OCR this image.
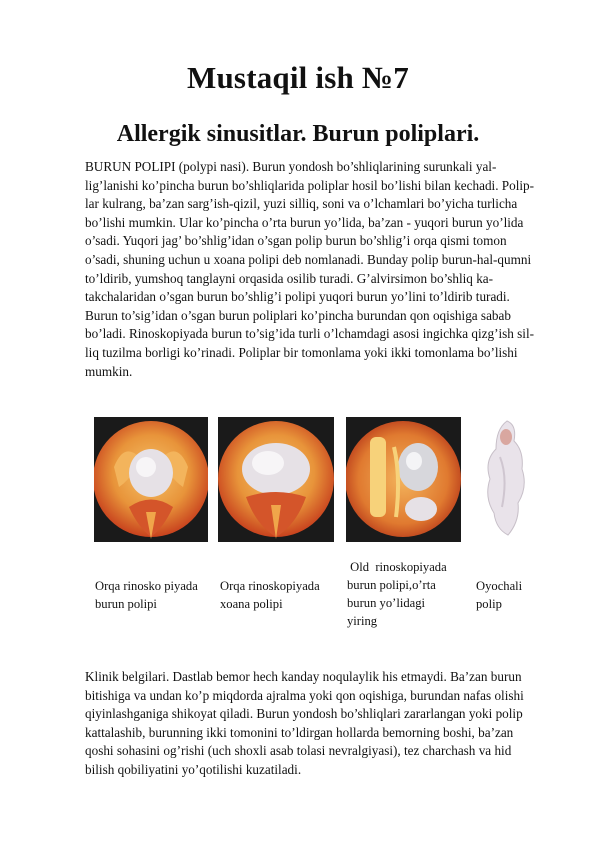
Mustaqil ish №7
Allergik sinusitlar. Burun poliplari.
BURUN POLIPI (polypi nasi). Burun yondosh bo’shliqlarining surunkali yal-lig’lanishi ko’pincha burun bo’shliqlarida poliplar hosil bo’lishi bilan kechadi. Polip-lar kulrang, ba’zan sarg’ish-qizil, yuzi silliq, soni va o’lchamlari bo’yicha turlicha bo’lishi mumkin. Ular ko’pincha o’rta burun yo’lida, ba’zan - yuqori burun yo’lida o’sadi. Yuqori jag’ bo’shlig’idan o’sgan polip burun bo’shlig’i orqa qismi tomon o’sadi, shuning uchun u xoana polipi deb nomlanadi. Bunday polip burun-hal-qumni to’ldirib, yumshoq tanglayni orqasida osilib turadi. G’alvirsimon bo’shliq ka-takchalaridan o’sgan burun bo’shlig’i polipi yuqori burun yo’lini to’ldirib turadi. Burun to’sig’idan o’sgan burun poliplari ko’pincha burundan qon oqishiga sabab bo’ladi. Rinoskopiyada burun to’sig’ida turli o’lchamdagi asosi ingichka qizg’ish sil-liq tuzilma borligi ko’rinadi. Poliplar bir tomonlama yoki ikki tomonlama bo’lishi mumkin.
Orqa rinosko piyada
burun polipi
Orqa rinoskopiyada
xoana polipi
Old  rinoskopiyada
burun polipi,o’rta
burun yo’lidagi
yiring
Oyochali
polip
Klinik belgilari. Dastlab bemor hech kanday noqulaylik his etmaydi. Ba’zan burun bitishiga va undan ko’p miqdorda ajralma yoki qon oqishiga, burundan nafas olishi qiyinlashganiga shikoyat qiladi. Burun yondosh bo’shliqlari zararlangan yoki polip kattalashib, burunning ikki tomonini to’ldirgan hollarda bemorning boshi, ba’zan qoshi sohasini og’rishi (uch shoxli asab tolasi nevralgiyasi), tez charchash va hid bilish qobiliyatini yo’qotilishi kuzatiladi.
